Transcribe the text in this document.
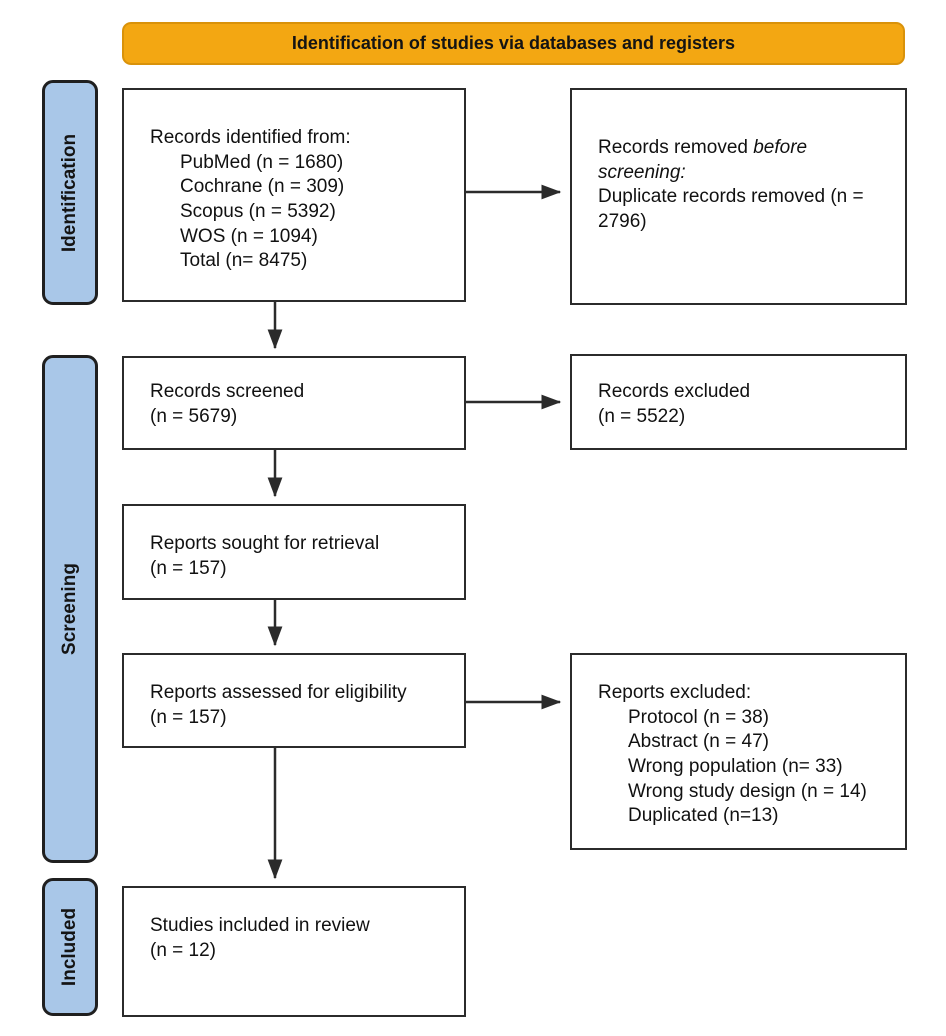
Identification of studies via databases and registers
Identification
Screening
Included
Records identified from:
PubMed (n = 1680)
Cochrane (n = 309)
Scopus (n = 5392)
WOS (n = 1094)
Total (n= 8475)
Records removed before screening:
Duplicate records removed (n = 2796)
Records screened
(n = 5679)
Records excluded
(n = 5522)
Reports sought for retrieval
(n = 157)
Reports assessed for eligibility
(n = 157)
Reports excluded:
Protocol (n = 38)
Abstract (n = 47)
Wrong population (n= 33)
Wrong study design (n = 14)
Duplicated (n=13)
Studies included in review
(n = 12)
